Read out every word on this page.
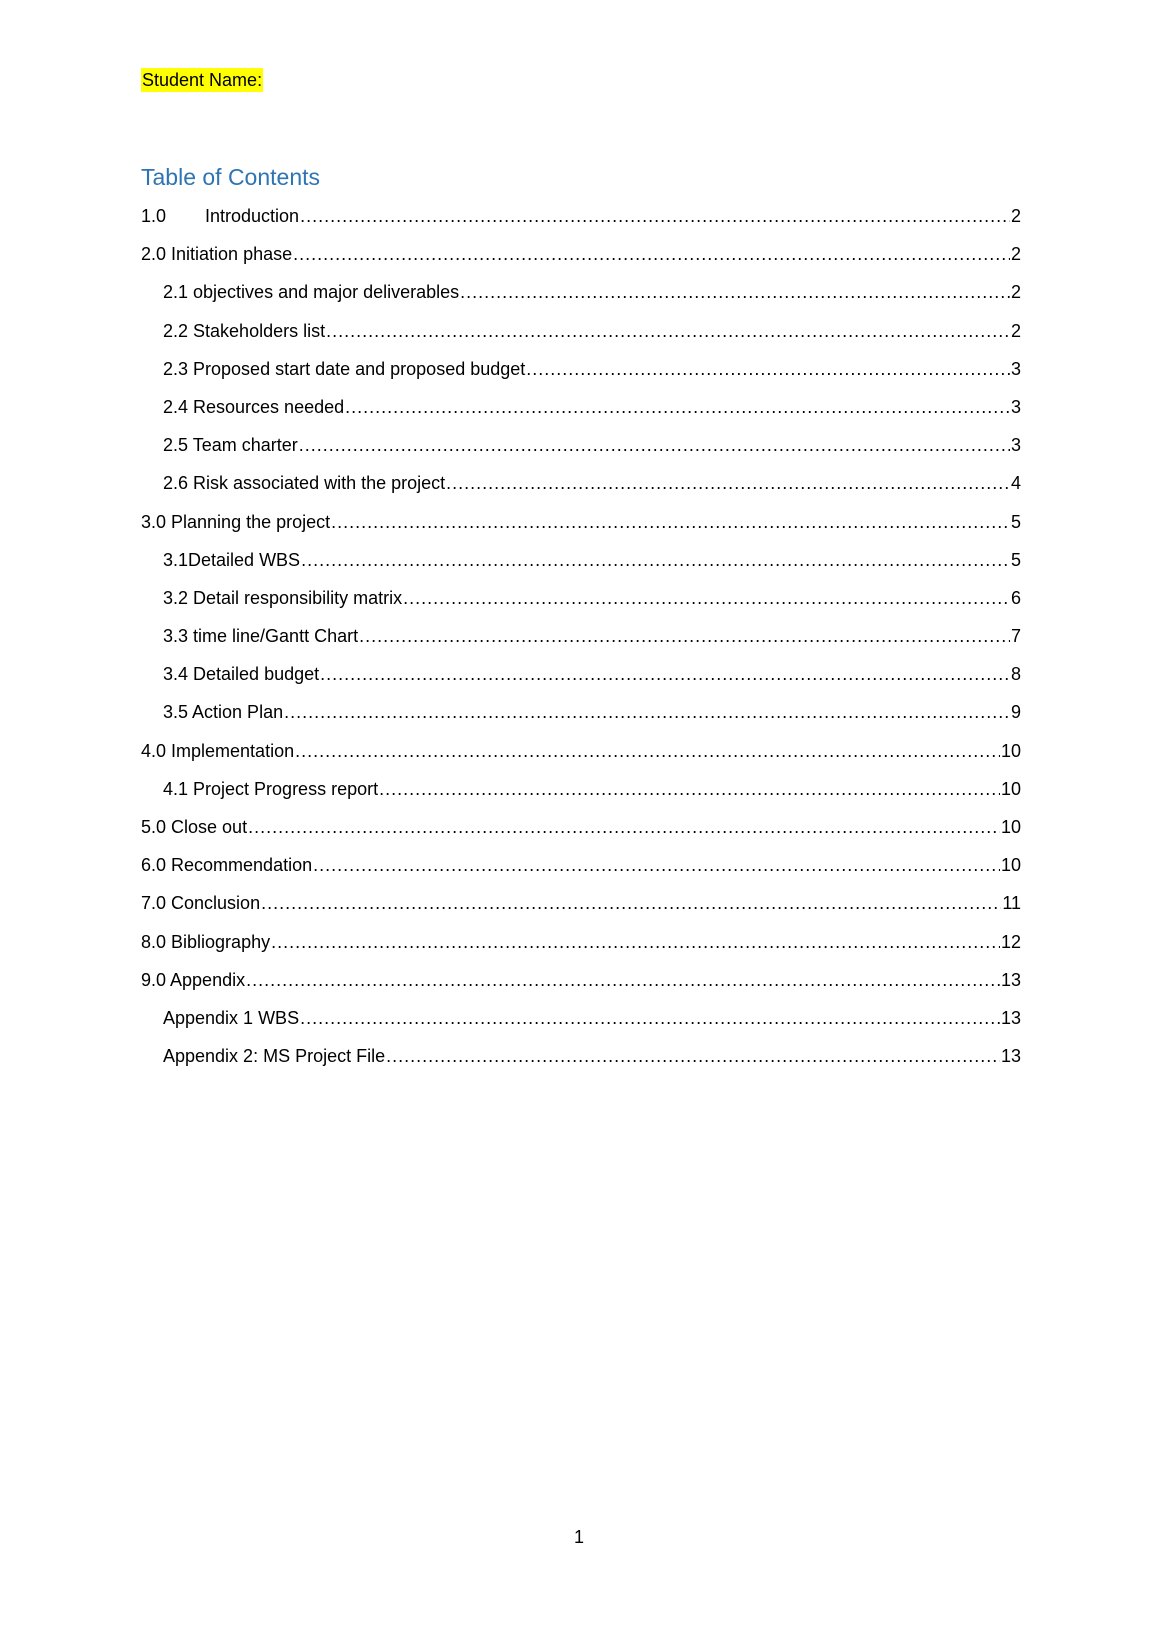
Student Name:
Table of Contents
1.0	Introduction .....	2
2.0 Initiation phase .....	2
2.1 objectives and major deliverables .....	2
2.2 Stakeholders list .....	2
2.3 Proposed start date and proposed budget .....	3
2.4 Resources needed .....	3
2.5 Team charter .....	3
2.6 Risk associated with the project .....	4
3.0 Planning the project .....	5
3.1Detailed WBS .....	5
3.2 Detail responsibility matrix .....	6
3.3 time line/Gantt Chart .....	7
3.4 Detailed budget .....	8
3.5 Action Plan .....	9
4.0 Implementation .....	10
4.1 Project Progress report .....	10
5.0 Close out .....	10
6.0 Recommendation .....	10
7.0 Conclusion .....	11
8.0 Bibliography .....	12
9.0 Appendix .....	13
Appendix 1 WBS .....	13
Appendix 2: MS Project File .....	13
1
